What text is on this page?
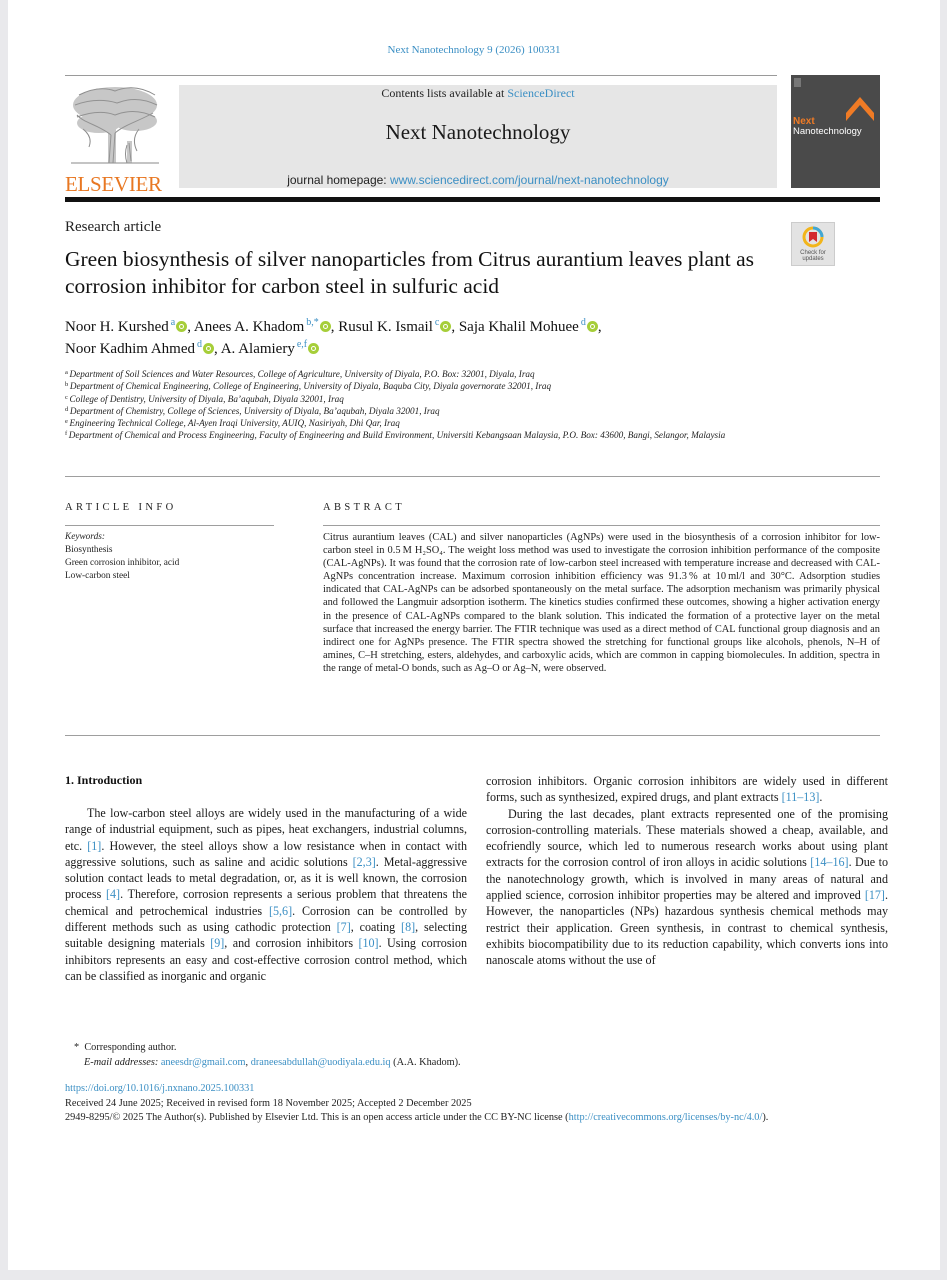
Next Nanotechnology 9 (2026) 100331
ELSEVIER
Contents lists available at ScienceDirect
Next Nanotechnology
journal homepage: www.sciencedirect.com/journal/next-nanotechnology
Next
Nanotechnology
Research article
Check for
updates
Green biosynthesis of silver nanoparticles from Citrus aurantium leaves plant as corrosion inhibitor for carbon steel in sulfuric acid
Noor H. Kurshed $^a$ , Anees A. Khadom $^{b,*}$ , Rusul K. Ismail $^c$ , Saja Khalil Mohuee $^d$ ,
Noor Kadhim Ahmed $^d$ , A. Alamiery $^{e,f}$
$^a$ Department of Soil Sciences and Water Resources, College of Agriculture, University of Diyala, P.O. Box: 32001, Diyala, Iraq
$^b$ Department of Chemical Engineering, College of Engineering, University of Diyala, Baquba City, Diyala governorate 32001, Iraq
$^c$ College of Dentistry, University of Diyala, Ba’aqubah, Diyala 32001, Iraq
$^d$ Department of Chemistry, College of Sciences, University of Diyala, Ba’aqubah, Diyala 32001, Iraq
$^e$ Engineering Technical College, Al-Ayen Iraqi University, AUIQ, Nasiriyah, Dhi Qar, Iraq
$^f$ Department of Chemical and Process Engineering, Faculty of Engineering and Build Environment, Universiti Kebangsaan Malaysia, P.O. Box: 43600, Bangi, Selangor, Malaysia
ARTICLE INFO
Keywords:
Biosynthesis
Green corrosion inhibitor, acid
Low-carbon steel
ABSTRACT
Citrus aurantium leaves (CAL) and silver nanoparticles (AgNPs) were used in the biosynthesis of a corrosion inhibitor for low-carbon steel in 0.5 M H₂SO₄. The weight loss method was used to investigate the corrosion inhibition performance of the composite (CAL-AgNPs). It was found that the corrosion rate of low-carbon steel increased with temperature increase and decreased with CAL-AgNPs concentration increase. Maximum corrosion inhibition efficiency was 91.3 % at 10 ml/l and 30°C. Adsorption studies indicated that CAL-AgNPs can be adsorbed spontaneously on the metal surface. The adsorption mechanism was primarily physical and followed the Langmuir adsorption isotherm. The kinetics studies confirmed these outcomes, showing a higher activation energy in the presence of CAL-AgNPs compared to the blank solution. This indicated the formation of a protective layer on the metal surface that increased the energy barrier. The FTIR technique was used as a direct method of CAL functional group diagnosis and an indirect one for AgNPs presence. The FTIR spectra showed the stretching for functional groups like alcohols, phenols, N–H of amines, C–H stretching, esters, aldehydes, and carboxylic acids, which are common in capping biomolecules. In addition, spectra in the range of metal-O bonds, such as Ag–O or Ag–N, were observed.
1. Introduction

The low-carbon steel alloys are widely used in the manufacturing of a wide range of industrial equipment, such as pipes, heat exchangers, industrial columns, etc. [1]. However, the steel alloys show a low resistance when in contact with aggressive solutions, such as saline and acidic solutions [2,3]. Metal-aggressive solution contact leads to metal degradation, or, as it is well known, the corrosion process [4]. Therefore, corrosion represents a serious problem that threatens the chemical and petrochemical industries [5,6]. Corrosion can be controlled by different methods such as using cathodic protection [7], coating [8], selecting suitable designing materials [9], and corrosion inhibitors [10]. Using corrosion inhibitors represents an easy and cost-effective corrosion control method, which can be classified as inorganic and organic

corrosion inhibitors. Organic corrosion inhibitors are widely used in different forms, such as synthesized, expired drugs, and plant extracts [11–13].

During the last decades, plant extracts represented one of the promising corrosion-controlling materials. These materials showed a cheap, available, and ecofriendly source, which led to numerous research works about using plant extracts for the corrosion control of iron alloys in acidic solutions [14–16]. Due to the nanotechnology growth, which is involved in many areas of natural and applied science, corrosion inhibitor properties may be altered and improved [17]. However, the nanoparticles (NPs) hazardous synthesis chemical methods may restrict their application. Green synthesis, in contrast to chemical synthesis, exhibits biocompatibility due to its reduction capability, which converts ions into nanoscale atoms without the use of

* Corresponding author.
E-mail addresses: aneesdr@gmail.com, draneesabdullah@uodiyala.edu.iq (A.A. Khadom).
https://doi.org/10.1016/j.nxnano.2025.100331
Received 24 June 2025; Received in revised form 18 November 2025; Accepted 2 December 2025
2949-8295/© 2025 The Author(s). Published by Elsevier Ltd. This is an open access article under the CC BY-NC license (http://creativecommons.org/licenses/by-nc/4.0/).
